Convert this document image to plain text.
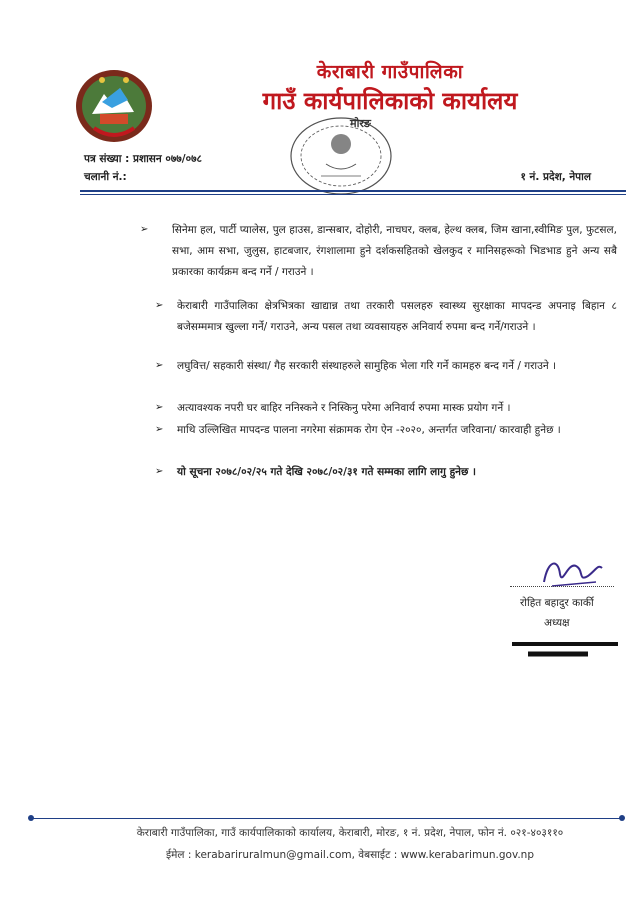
केराबारी गाउँपालिका
गाउँ कार्यपालिकाको कार्यालय
मोरङ
पत्र संख्या : प्रशासन ०७७/०७८
चलानी नं.:	१ नं. प्रदेश, नेपाल
➢ सिनेमा हल, पार्टी प्यालेस, पुल हाउस, डान्सबार, दोहोरी, नाचघर, क्लब, हेल्थ क्लब, जिम खाना,स्वीमिङ पुल, फुटसल, सभा, आम सभा, जुलुस, हाटबजार, रंगशालामा हुने दर्शकसहितको खेलकुद र मानिसहरूको भिडभाड हुने अन्य सबै प्रकारका कार्यक्रम बन्द गर्ने / गराउने ।
➢ केराबारी गाउँपालिका क्षेत्रभित्रका खाद्यान्न तथा तरकारी पसलहरु स्वास्थ्य सुरक्षाका मापदन्ड अपनाइ बिहान ८ बजेसम्ममात्र खुल्ला गर्ने/ गराउने, अन्य पसल तथा व्यवसायहरु अनिवार्य रुपमा बन्द गर्ने/गराउने ।
➢ लघुवित्त/ सहकारी संस्था/ गैह सरकारी संस्थाहरुले सामुहिक भेला गरि गर्ने कामहरु बन्द गर्ने / गराउने ।
➢ अत्यावश्यक नपरी घर बाहिर ननिस्कने र निस्किनु परेमा अनिवार्य रुपमा मास्क प्रयोग गर्ने ।
➢ माथि उल्लिखित मापदन्ड पालना नगरेमा संक्रामक रोग ऐन -२०२०, अन्तर्गत जरिवाना/ कारवाही हुनेछ ।
➢ यो सूचना २०७८/०२/२५ गते देखि २०७८/०२/३१ गते सम्मका लागि लागु हुनेछ ।
रोहित बहादुर कार्की
अध्यक्ष
केराबारी गाउँपालिका, गाउँ कार्यपालिकाको कार्यालय, केराबारी, मोरङ, १ नं. प्रदेश, नेपाल, फोन नं. ०२१-४०३११०
ईमेल : kerabariruralmun@gmail.com, वेबसाईट : www.kerabarimun.gov.np
